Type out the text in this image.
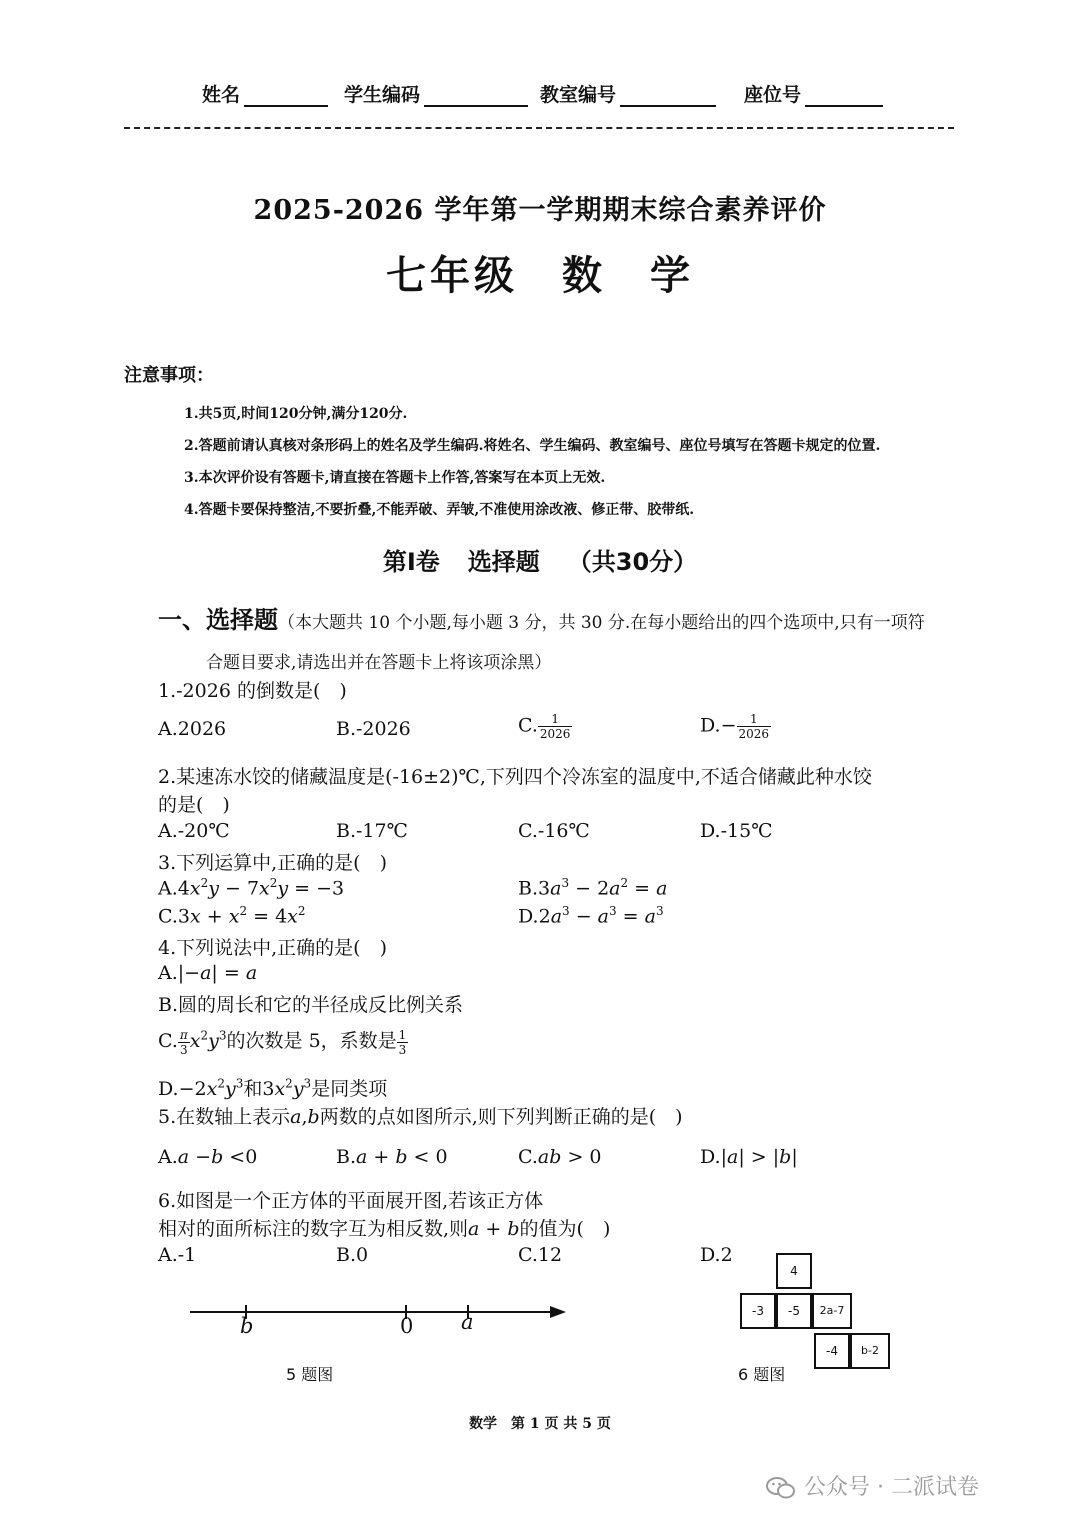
姓名	学生编码	教室编号	座位号
2025-2026 学年第一学期期末综合素养评价
七年级　数　学
注意事项：
1.共5页,时间120分钟,满分120分.
2.答题前请认真核对条形码上的姓名及学生编码.将姓名、学生编码、教室编号、座位号填写在答题卡规定的位置.
3.本次评价设有答题卡,请直接在答题卡上作答,答案写在本页上无效.
4.答题卡要保持整洁,不要折叠,不能弄破、弄皱,不准使用涂改液、修正带、胶带纸.
第Ⅰ卷 选择题 （共30分）
一、选择题（本大题共 10 个小题,每小题 3 分，共 30 分.在每小题给出的四个选项中,只有一项符
合题目要求,请选出并在答题卡上将该项涂黑）
1.-2026 的倒数是(　)
A.2026	B.-2026	C. $\frac{1}{2026}$	$D.- \frac{1}{2026}$
2.某速冻水饺的储藏温度是(-16±2)℃,下列四个冷冻室的温度中,不适合储藏此种水饺
的是(　)
A.-20℃	B.-17℃	C.-16℃	D.-15℃
3.下列运算中,正确的是(　)
$A.4x^2y - 7x^2y = -3$	$B.3a^3 - 2a^2 = a$
$C.3x + x^2 = 4x^2$	$D.2a^3 - a^3 = a^3$
4.下列说法中,正确的是(　)
A.|−a| = a
B.圆的周长和它的半径成反比例关系
C. $\frac{\pi}{3} x^2y^3$的次数是 5，系数是 $\frac{1}{3}$
$D.-2x^2y^3$和$3x^2y^3$是同类项
5.在数轴上表示a,b两数的点如图所示,则下列判断正确的是(　)
A.a −b <0	B.a + b < 0	C.ab > 0	D.|a| > |b|
6.如图是一个正方体的平面展开图,若该正方体
相对的面所标注的数字互为相反数,则a + b的值为(　)
A.-1	B.0	C.12	D.2
b	0 a
5 题图
4
-3	-5	2a-7
-4	b-2
6 题图
数学　第 1 页 共 5 页
公众号 · 二派试卷
